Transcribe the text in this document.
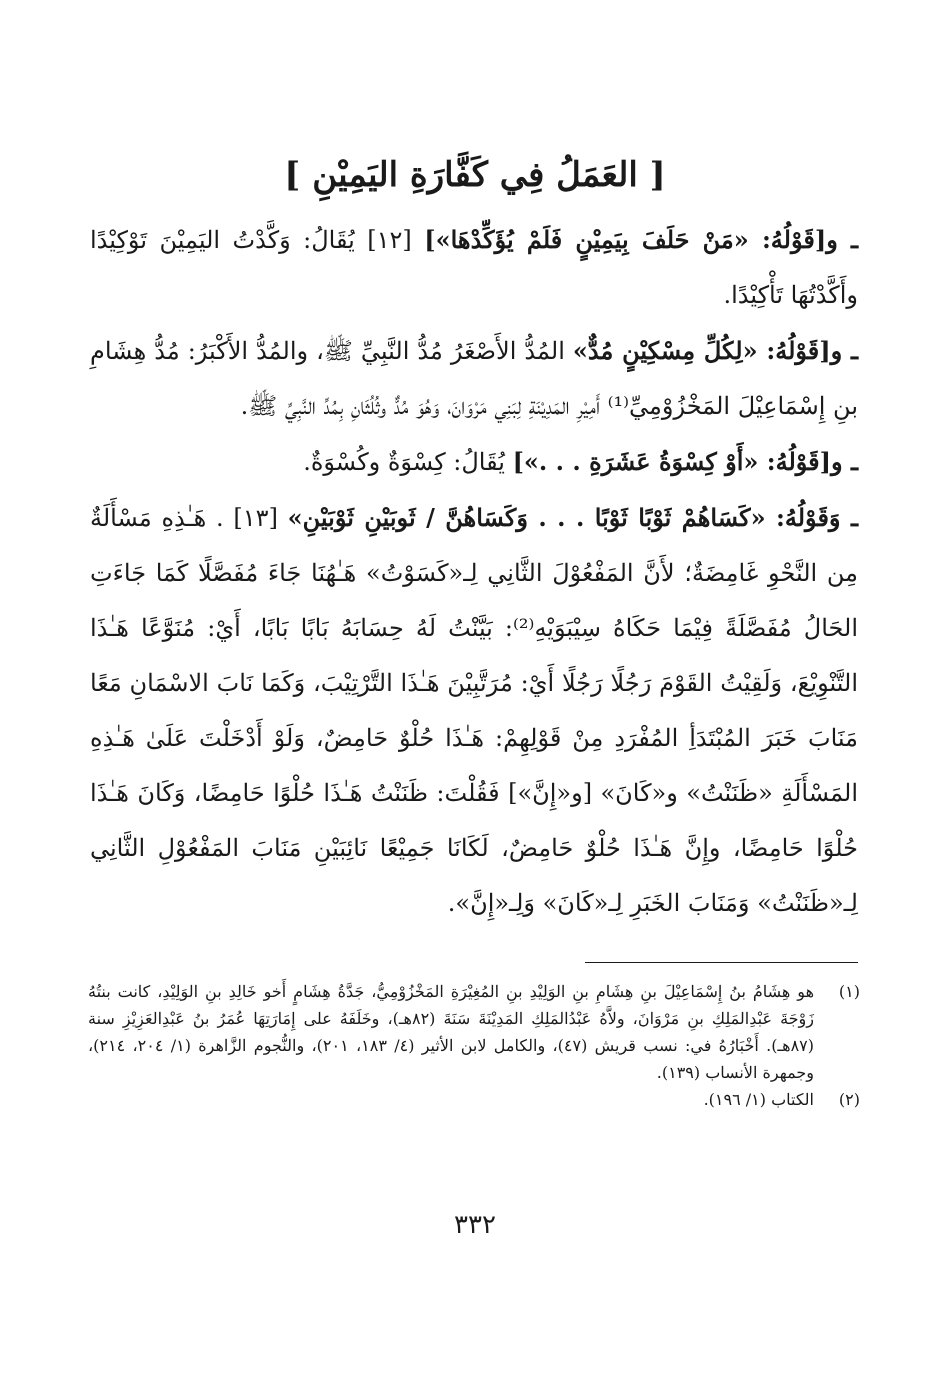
[ العَمَلُ فِي كَفَّارَةِ اليَمِيْنِ ]

ـ و[قَوْلُهُ: «مَنْ حَلَفَ بِيَمِيْنٍ فَلَمْ يُؤَكِّدْهَا»] [١٢] يُقَالُ: وَكَّدْتُ اليَمِيْنَ تَوْكِيْدًا وأَكَّدْتُهَا تَأْكِيْدًا.

ـ و[قَوْلُهُ: «لِكُلِّ مِسْكِيْنٍ مُدٌّ» المُدُّ الأَصْغَرُ مُدُّ النَّبِيِّ ﷺ، والمُدُّ الأَكْبَرُ: مُدُّ هِشَامِ بنِ إِسْمَاعِيْلَ المَخْزُوْمِيِّ⁽¹⁾ أَمِيْرِ المَدِيْنَةِ لِبَنِي مَرْوَانَ، وَهُوَ مُدٌّ وثُلُثَانِ بِمُدِّ النَّبِيِّ ﷺ.

ـ و[قَوْلُهُ: «أَوْ كِسْوَةُ عَشَرَةِ . . .»] يُقَالُ: كِسْوَةٌ وكُسْوَةٌ.

ـ وَقَوْلُهُ: «كَسَاهُمْ ثَوْبًا ثَوْبًا . . . وَكَسَاهُنَّ / ثَوبَيْنِ ثَوْبَيْنِ» [١٣] . هَـٰذِهِ مَسْأَلَةٌ مِن النَّحْوِ غَامِضَةٌ؛ لأَنَّ المَفْعُوْلَ الثَّانِي لِـ«كَسَوْتُ» هَـٰهُنَا جَاءَ مُفَصَّلًا كَمَا جَاءَتِ الحَالُ مُفَصَّلَةً فِيْمَا حَكَاهُ سِيْبَوَيْهِ⁽²⁾: بَيَّنْتُ لَهُ حِسَابَهُ بَابًا بَابًا، أَيْ: مُنَوَّعًا هَـٰذَا التَّنْوِيْعَ، وَلَقِيْتُ القَوْمَ رَجُلًا رَجُلًا أَيْ: مُرَتَّبِيْنَ هَـٰذَا التَّرْتِيْبَ، وَكَمَا نَابَ الاسْمَانِ مَعًا مَنَابَ خَبَرَ المُبْتَدَأِ المُفْرَدِ مِنْ قَوْلِهِمْ: هَـٰذَا حُلْوٌ حَامِضٌ، وَلَوْ أَدْخَلْتَ عَلَىٰ هَـٰذِهِ المَسْأَلَةِ «ظَنَنْتُ» و«كَانَ» [و«إِنَّ»] فَقُلْتَ: ظَنَنْتُ هَـٰذَا حُلْوًا حَامِضًا، وَكَانَ هَـٰذَا حُلْوًا حَامِضًا، وإِنَّ هَـٰذَا حُلْوٌ حَامِضٌ، لَكَانَا جَمِيْعًا نَائِبَيْنِ مَنَابَ المَفْعُوْلِ الثَّانِي لِـ«ظَنَنْتُ» وَمَنَابَ الخَبَرِ لِـ«كَانَ» وَلِـ«إِنَّ».

(١)
هو هِشَامُ بنُ إِسْمَاعِيْلَ بنِ هِشَامِ بنِ الوَلِيْدِ بنِ المُغِيْرَةِ المَخْزُوْمِيُّ، جَدَّةُ هِشَامٍ أَخو خَالِدِ بنِ الوَلِيْدِ، كانت بنتُهُ زَوْجَةَ عَبْدِالمَلِكِ بنِ مَرْوَانَ، ولاَّهُ عَبْدُالمَلِكِ المَدِيْنَةَ سَنَةَ (٨٢هـ)، وخَلَفَهُ على إِمَارَتِهَا عُمَرُ بنُ عَبْدِالعَزِيْزِ سنة (٨٧هـ). أَخْبَارُهُ في: نسب قريش (٤٧)، والكامل لابن الأثير (٤/ ١٨٣، ٢٠١)، والنُّجوم الزَّاهرة (١/ ٢٠٤، ٢١٤)، وجمهرة الأنساب (١٣٩).
(٢)
الكتاب (١/ ١٩٦).
٣٣٢
